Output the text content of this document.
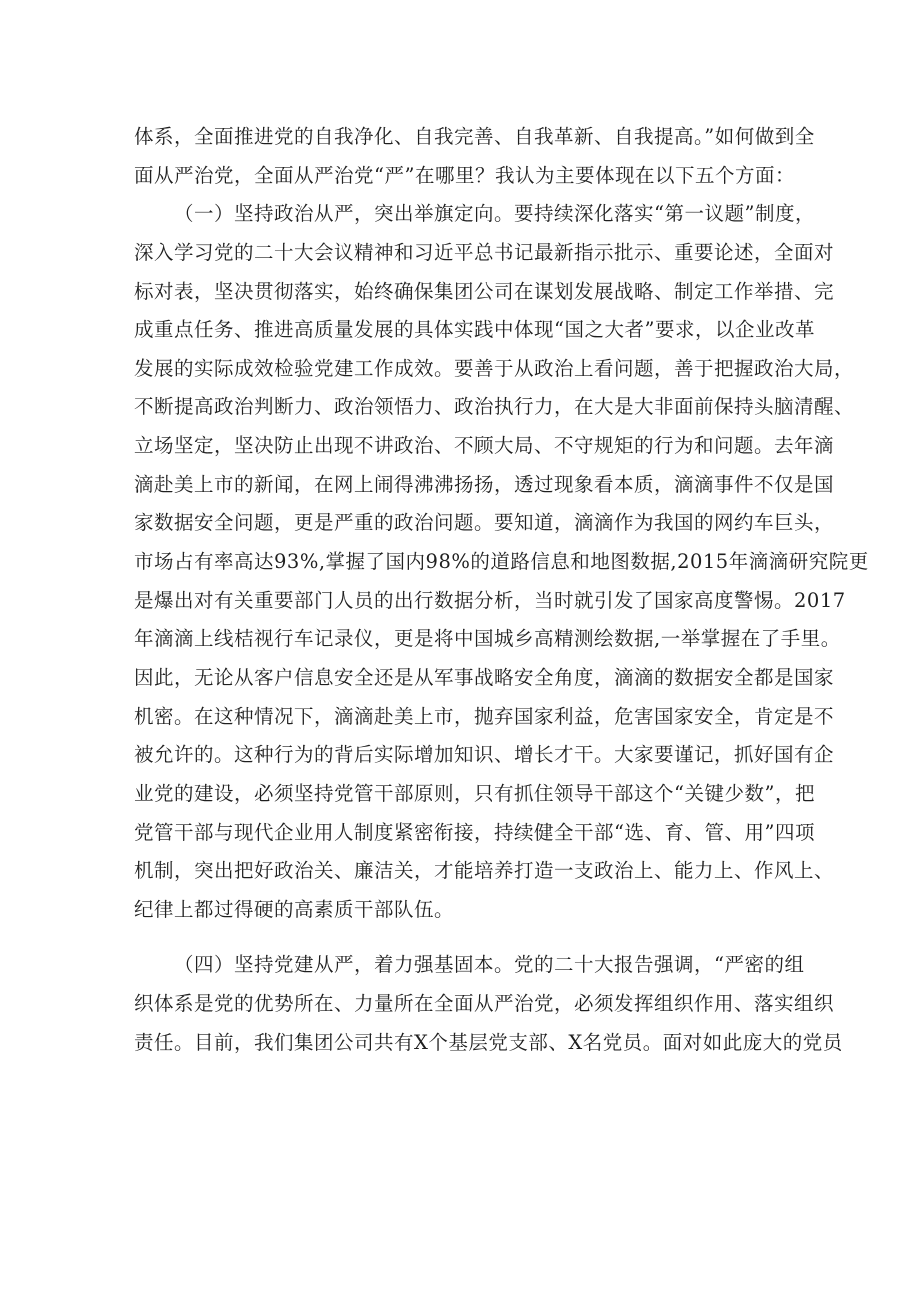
体系，全面推进党的自我净化、自我完善、自我革新、自我提高。”如何做到全
面从严治党，全面从严治党“严”在哪里？我认为主要体现在以下五个方面：
（一）坚持政治从严，突出举旗定向。要持续深化落实“第一议题”制度，
深入学习党的二十大会议精神和习近平总书记最新指示批示、重要论述，全面对
标对表，坚决贯彻落实，始终确保集团公司在谋划发展战略、制定工作举措、完
成重点任务、推进高质量发展的具体实践中体现“国之大者”要求，以企业改革
发展的实际成效检验党建工作成效。要善于从政治上看问题，善于把握政治大局，
不断提高政治判断力、政治领悟力、政治执行力，在大是大非面前保持头脑清醒、
立场坚定，坚决防止出现不讲政治、不顾大局、不守规矩的行为和问题。去年滴
滴赴美上市的新闻，在网上闹得沸沸扬扬，透过现象看本质，滴滴事件不仅是国
家数据安全问题，更是严重的政治问题。要知道，滴滴作为我国的网约车巨头，
市场占有率高达93%,掌握了国内98%的道路信息和地图数据,2015年滴滴研究院更
是爆出对有关重要部门人员的出行数据分析，当时就引发了国家高度警惕。2017
年滴滴上线桔视行车记录仪，更是将中国城乡高精测绘数据,一举掌握在了手里。
因此，无论从客户信息安全还是从军事战略安全角度，滴滴的数据安全都是国家
机密。在这种情况下，滴滴赴美上市，抛弃国家利益，危害国家安全，肯定是不
被允许的。这种行为的背后实际增加知识、增长才干。大家要谨记，抓好国有企
业党的建设，必须坚持党管干部原则，只有抓住领导干部这个“关键少数”，把
党管干部与现代企业用人制度紧密衔接，持续健全干部“选、育、管、用”四项
机制，突出把好政治关、廉洁关，才能培养打造一支政治上、能力上、作风上、
纪律上都过得硬的高素质干部队伍。
（四）坚持党建从严，着力强基固本。党的二十大报告强调，“严密的组
织体系是党的优势所在、力量所在全面从严治党，必须发挥组织作用、落实组织
责任。目前，我们集团公司共有X个基层党支部、X名党员。面对如此庞大的党员
